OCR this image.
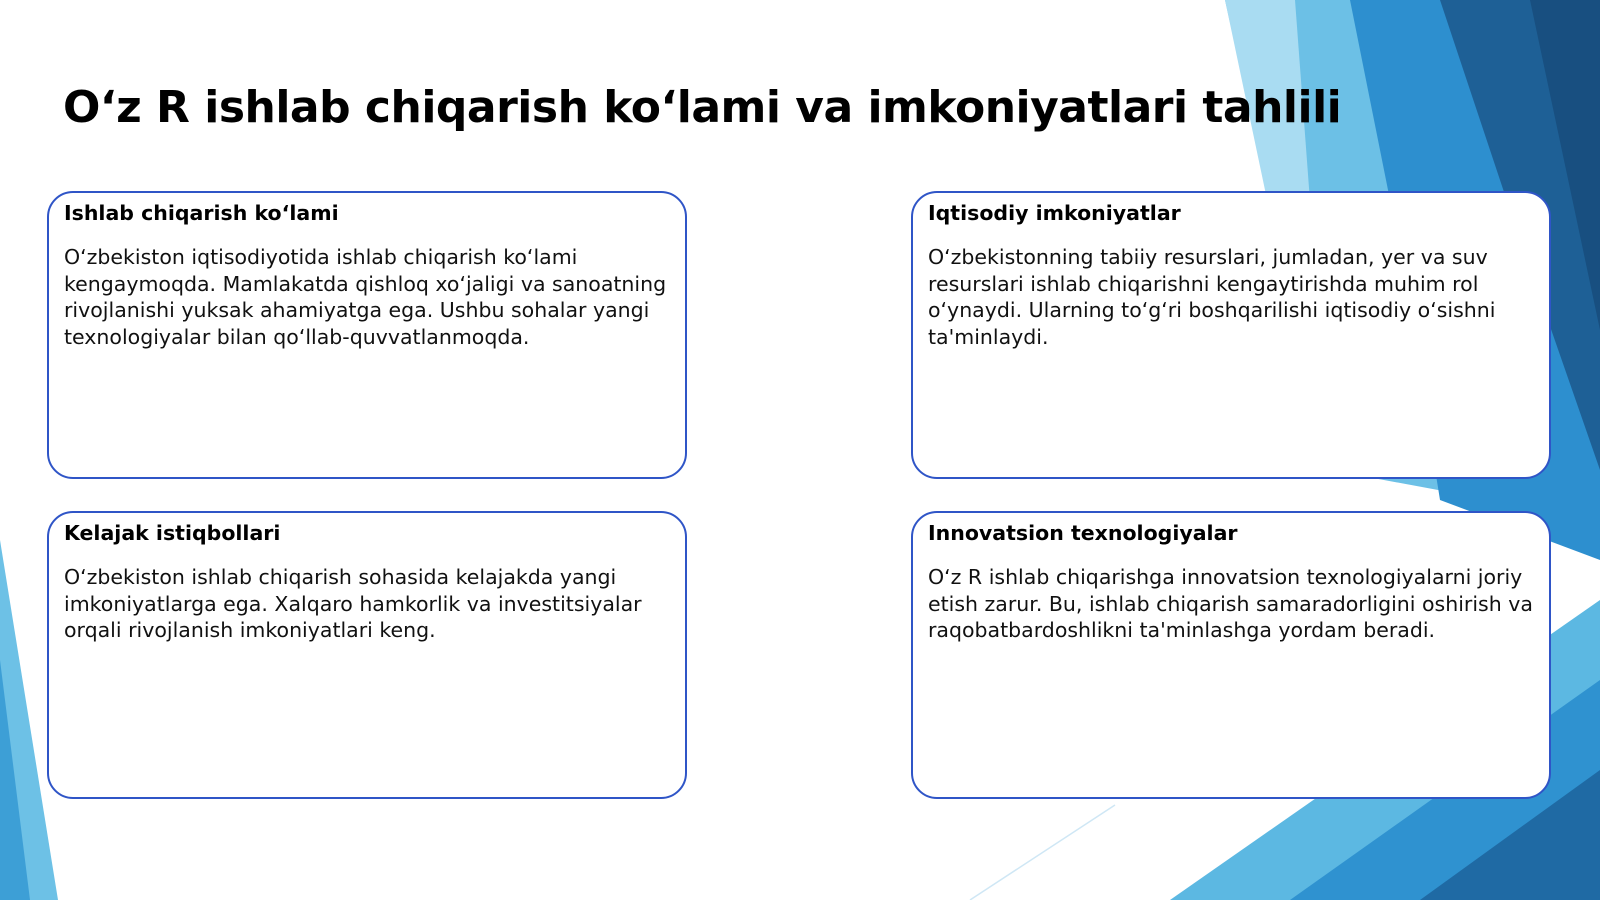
O‘z R ishlab chiqarish ko‘lami va imkoniyatlari tahlili
Ishlab chiqarish ko‘lami

O‘zbekiston iqtisodiyotida ishlab chiqarish ko‘lami kengaymoqda. Mamlakatda qishloq xo‘jaligi va sanoatning rivojlanishi yuksak ahamiyatga ega. Ushbu sohalar yangi texnologiyalar bilan qo‘llab-quvvatlanmoqda.

Iqtisodiy imkoniyatlar

O‘zbekistonning tabiiy resurslari, jumladan, yer va suv resurslari ishlab chiqarishni kengaytirishda muhim rol o‘ynaydi. Ularning to‘g‘ri boshqarilishi iqtisodiy o‘sishni ta'minlaydi.

Kelajak istiqbollari

O‘zbekiston ishlab chiqarish sohasida kelajakda yangi imkoniyatlarga ega. Xalqaro hamkorlik va investitsiyalar orqali rivojlanish imkoniyatlari keng.

Innovatsion texnologiyalar

O‘z R ishlab chiqarishga innovatsion texnologiyalarni joriy etish zarur. Bu, ishlab chiqarish samaradorligini oshirish va raqobatbardoshlikni ta'minlashga yordam beradi.
